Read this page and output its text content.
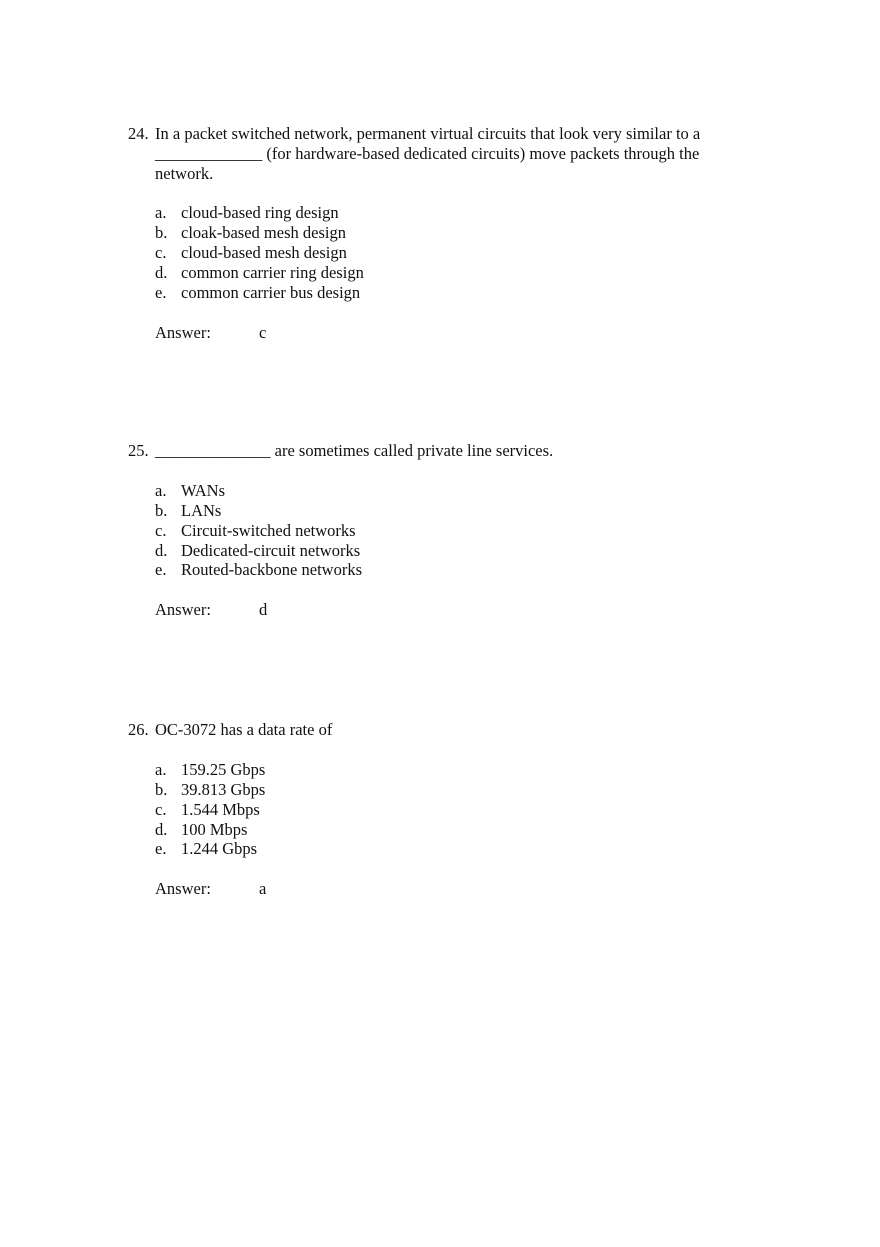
24. In a packet switched network, permanent virtual circuits that look very similar to a
_____________ (for hardware-based dedicated circuits) move packets through the
network.
a. cloud-based ring design
b. cloak-based mesh design
c. cloud-based mesh design
d. common carrier ring design
e. common carrier bus design
Answer:	c
25. ______________ are sometimes called private line services.
a. WANs
b. LANs
c. Circuit-switched networks
d. Dedicated-circuit networks
e. Routed-backbone networks
Answer:	d
26. OC-3072 has a data rate of
a. 159.25 Gbps
b. 39.813 Gbps
c. 1.544 Mbps
d. 100 Mbps
e. 1.244 Gbps
Answer:	a
